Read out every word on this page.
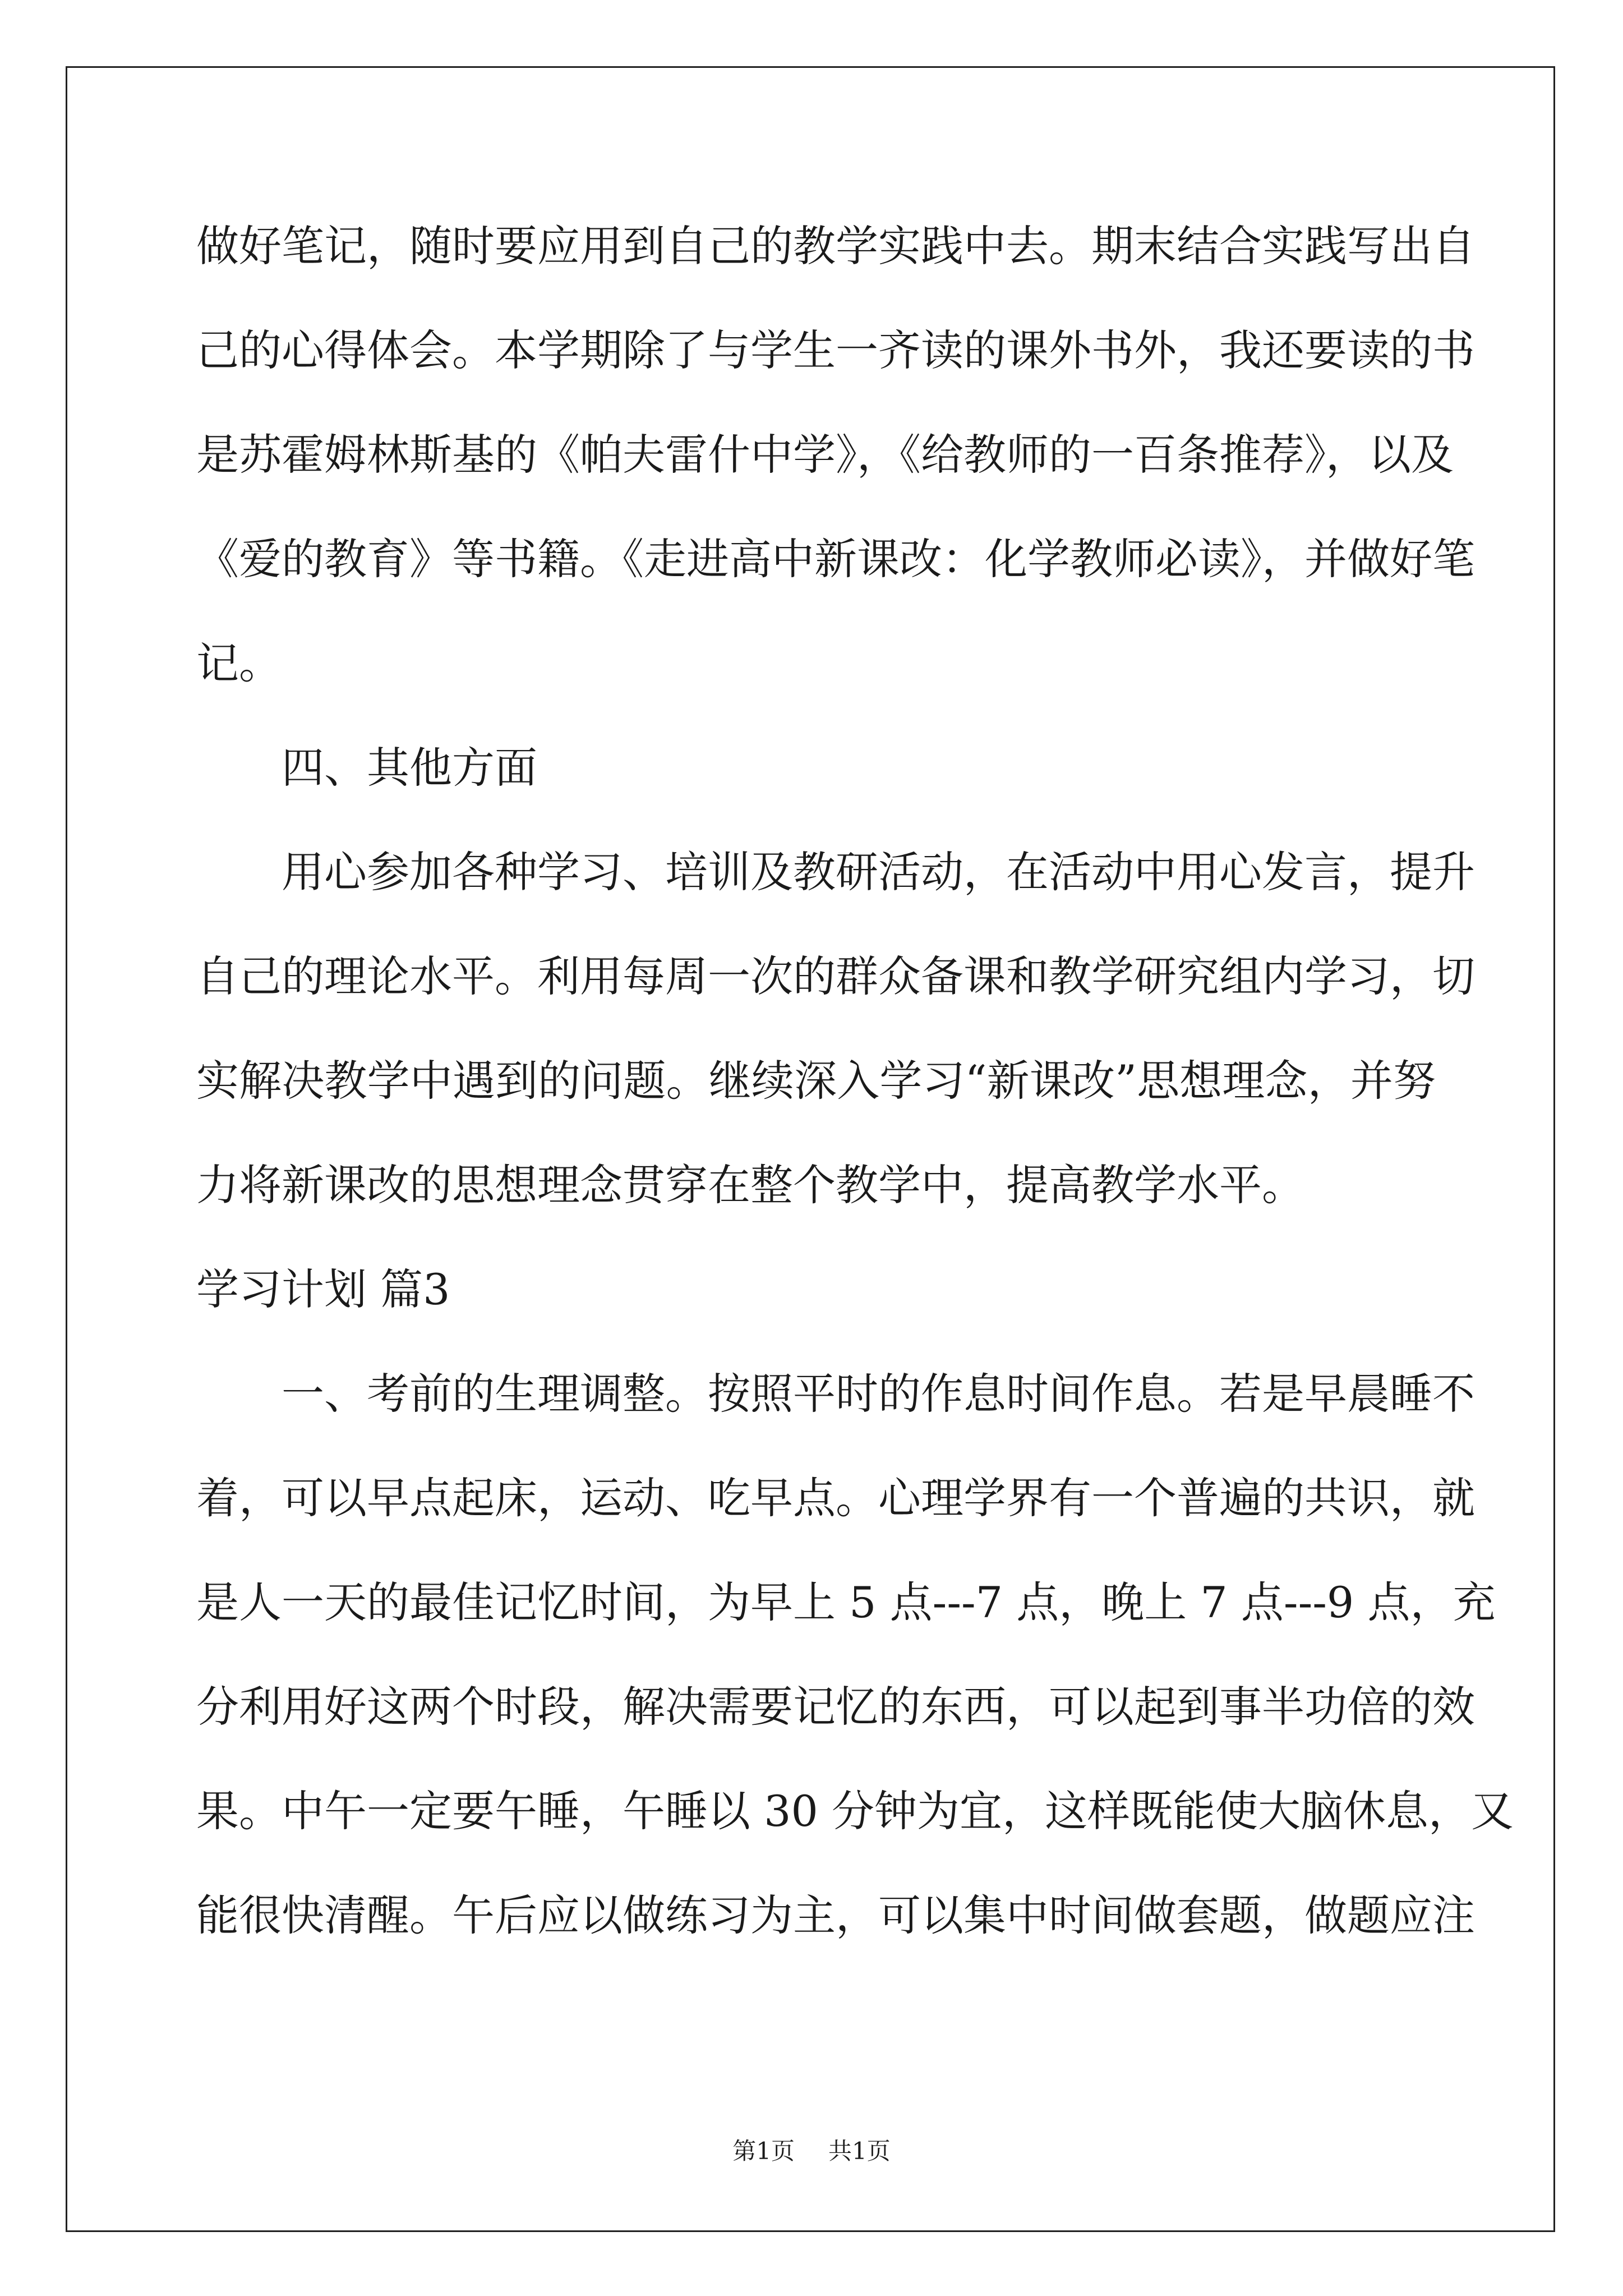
做好笔记，随时要应用到自己的教学实践中去。期末结合实践写出自
己的心得体会。本学期除了与学生一齐读的课外书外，我还要读的书
是苏霍姆林斯基的《帕夫雷什中学》，《给教师的一百条推荐》，以及
《爱的教育》等书籍。《走进高中新课改：化学教师必读》，并做好笔
记。
四、其他方面
用心参加各种学习、培训及教研活动，在活动中用心发言，提升
自己的理论水平。利用每周一次的群众备课和教学研究组内学习，切
实解决教学中遇到的问题。继续深入学习“新课改”思想理念，并努
力将新课改的思想理念贯穿在整个教学中，提高教学水平。
学习计划 篇3
一、考前的生理调整。按照平时的作息时间作息。若是早晨睡不
着，可以早点起床，运动、吃早点。心理学界有一个普遍的共识，就
是人一天的最佳记忆时间，为早上 5 点---7 点，晚上 7 点---9 点，充
分利用好这两个时段，解决需要记忆的东西，可以起到事半功倍的效
果。中午一定要午睡，午睡以 30 分钟为宜，这样既能使大脑休息，又
能很快清醒。午后应以做练习为主，可以集中时间做套题，做题应注
第1页 共1页
